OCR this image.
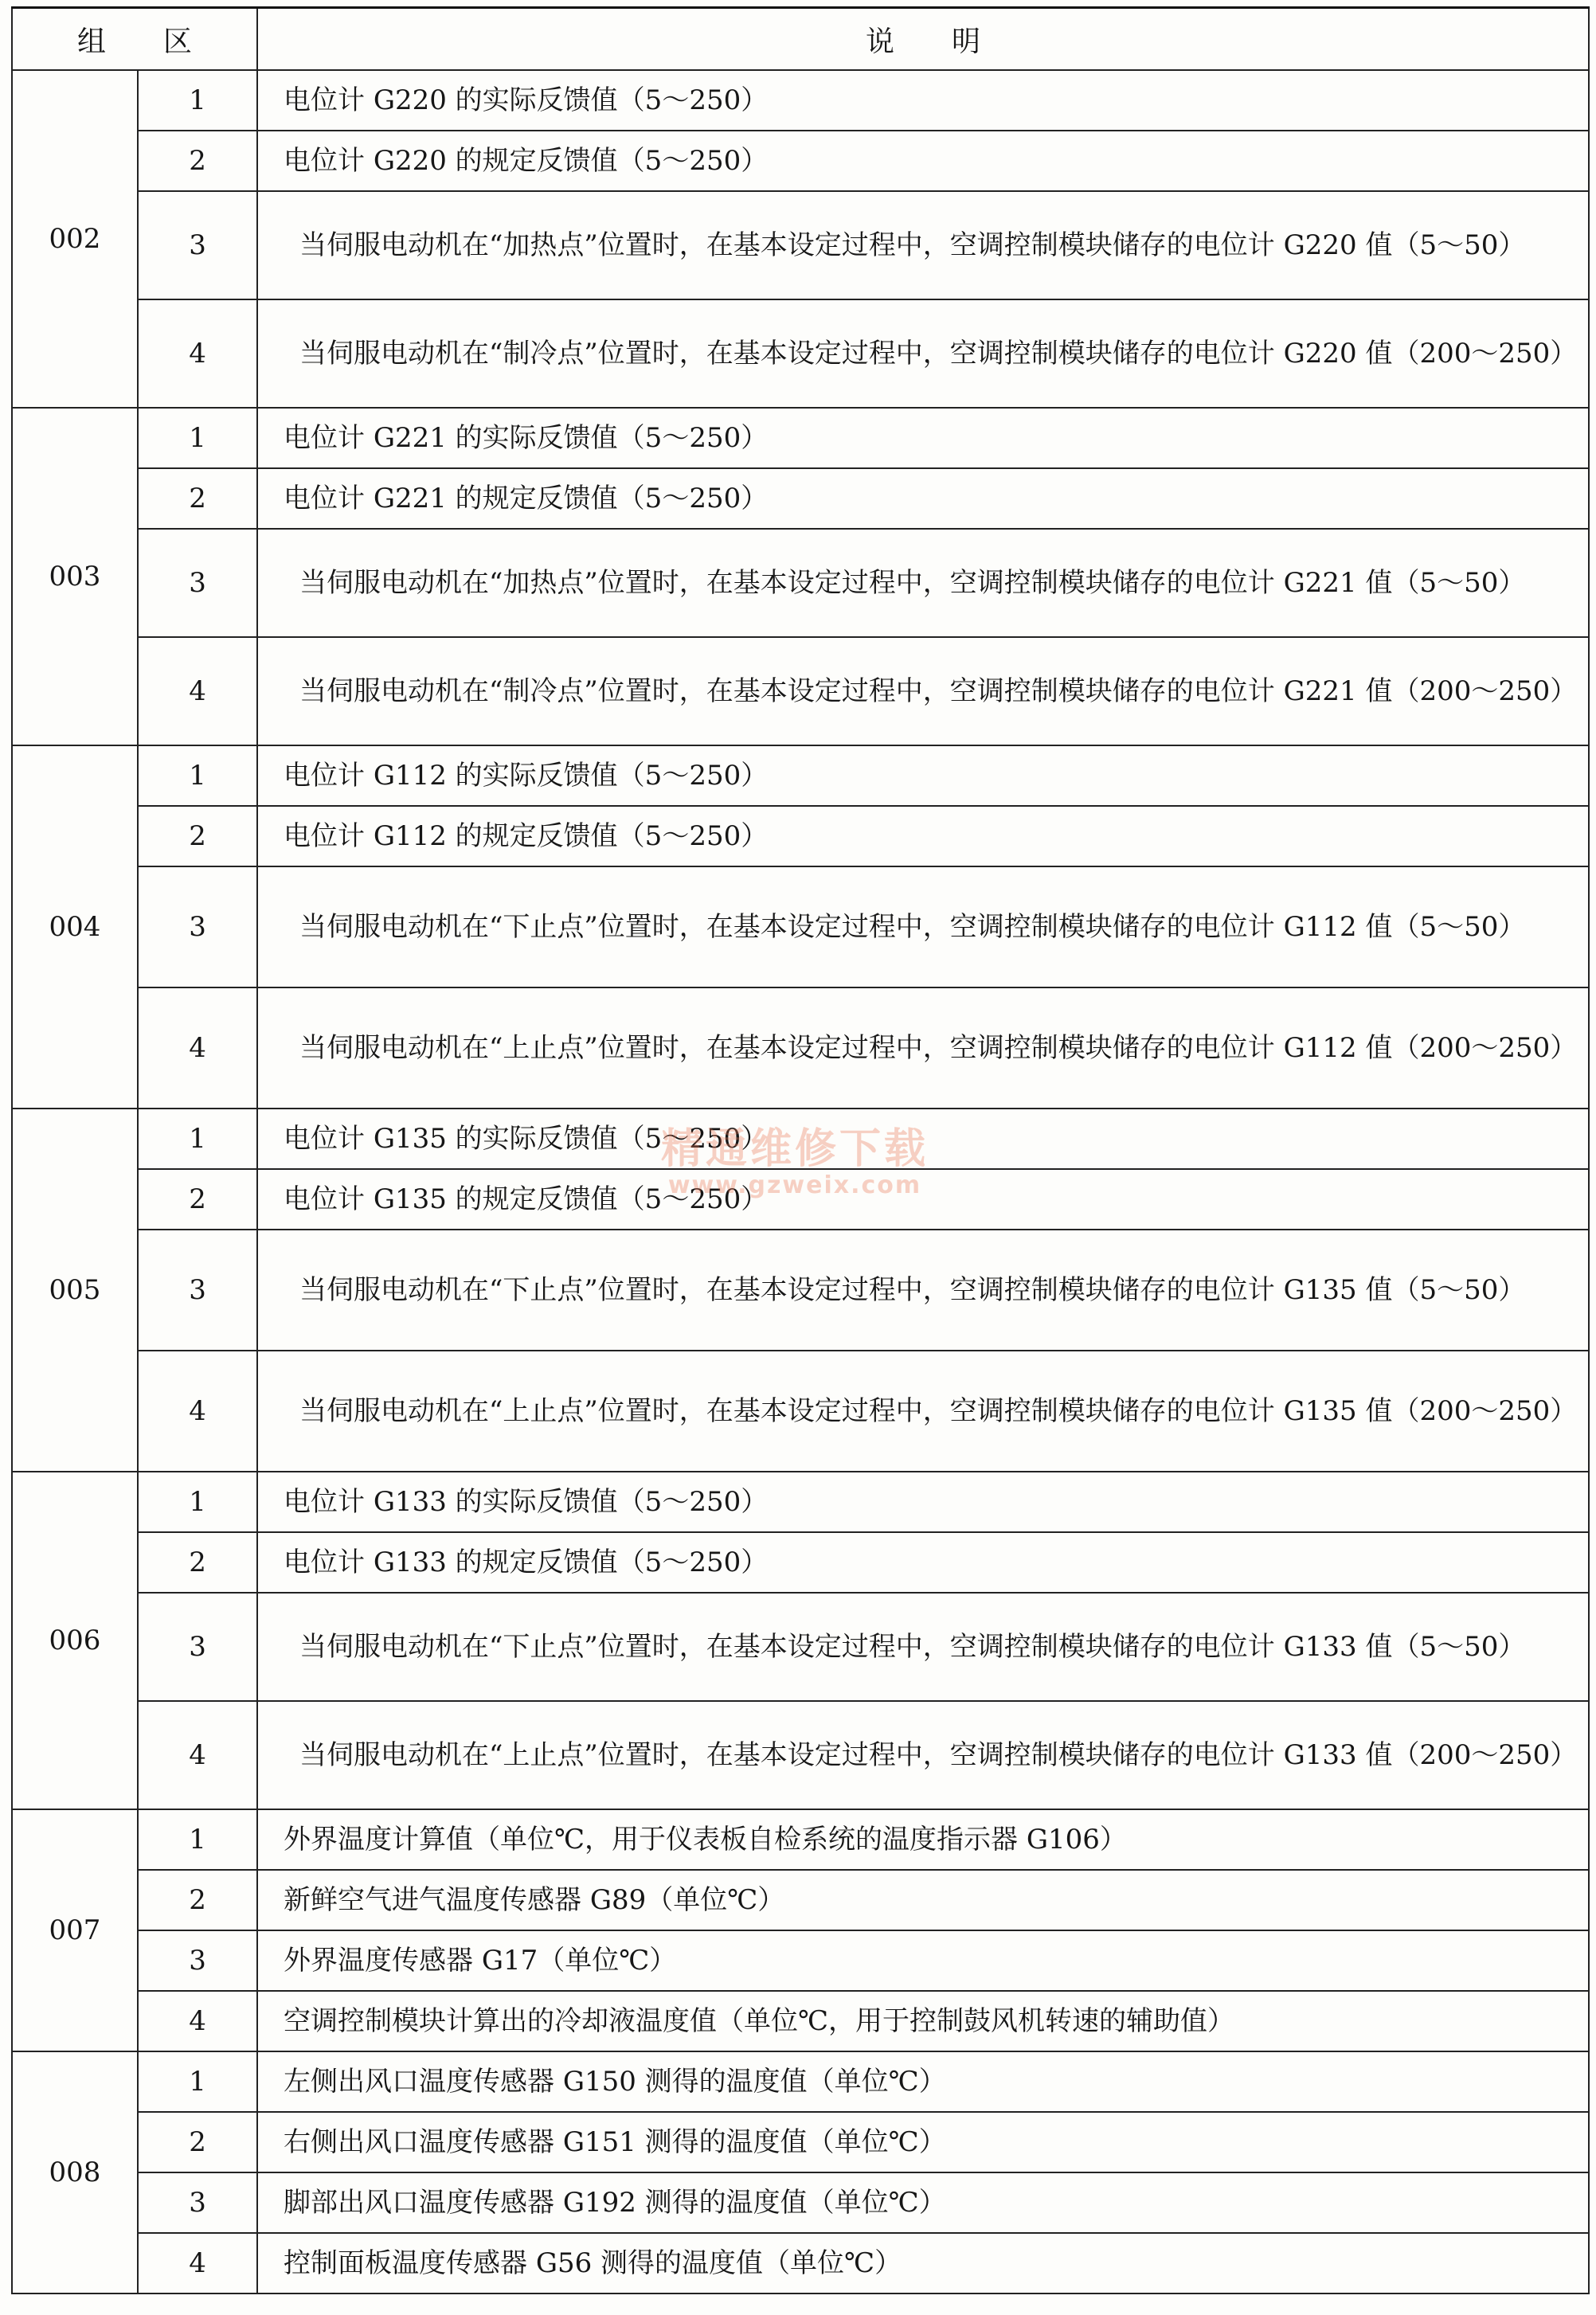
组　　区		说　　明
002	1	电位计 G220 的实际反馈值（5～250）
	2	电位计 G220 的规定反馈值（5～250）
	3	当伺服电动机在“加热点”位置时，在基本设定过程中，空调控制模块储存的电位计 G220 值（5～50）
	4	当伺服电动机在“制冷点”位置时，在基本设定过程中，空调控制模块储存的电位计 G220 值（200～250）
003	1	电位计 G221 的实际反馈值（5～250）
	2	电位计 G221 的规定反馈值（5～250）
	3	当伺服电动机在“加热点”位置时，在基本设定过程中，空调控制模块储存的电位计 G221 值（5～50）
	4	当伺服电动机在“制冷点”位置时，在基本设定过程中，空调控制模块储存的电位计 G221 值（200～250）
004	1	电位计 G112 的实际反馈值（5～250）
	2	电位计 G112 的规定反馈值（5～250）
	3	当伺服电动机在“下止点”位置时，在基本设定过程中，空调控制模块储存的电位计 G112 值（5～50）
	4	当伺服电动机在“上止点”位置时，在基本设定过程中，空调控制模块储存的电位计 G112 值（200～250）
005	1	电位计 G135 的实际反馈值（5～250）
	2	电位计 G135 的规定反馈值（5～250）
	3	当伺服电动机在“下止点”位置时，在基本设定过程中，空调控制模块储存的电位计 G135 值（5～50）
	4	当伺服电动机在“上止点”位置时，在基本设定过程中，空调控制模块储存的电位计 G135 值（200～250）
006	1	电位计 G133 的实际反馈值（5～250）
	2	电位计 G133 的规定反馈值（5～250）
	3	当伺服电动机在“下止点”位置时，在基本设定过程中，空调控制模块储存的电位计 G133 值（5～50）
	4	当伺服电动机在“上止点”位置时，在基本设定过程中，空调控制模块储存的电位计 G133 值（200～250）
007	1	外界温度计算值（单位℃，用于仪表板自检系统的温度指示器 G106）
	2	新鲜空气进气温度传感器 G89（单位℃）
	3	外界温度传感器 G17（单位℃）
	4	空调控制模块计算出的冷却液温度值（单位℃，用于控制鼓风机转速的辅助值）
008	1	左侧出风口温度传感器 G150 测得的温度值（单位℃）
	2	右侧出风口温度传感器 G151 测得的温度值（单位℃）
	3	脚部出风口温度传感器 G192 测得的温度值（单位℃）
	4	控制面板温度传感器 G56 测得的温度值（单位℃）
精通维修下载
www.gzweix.com
